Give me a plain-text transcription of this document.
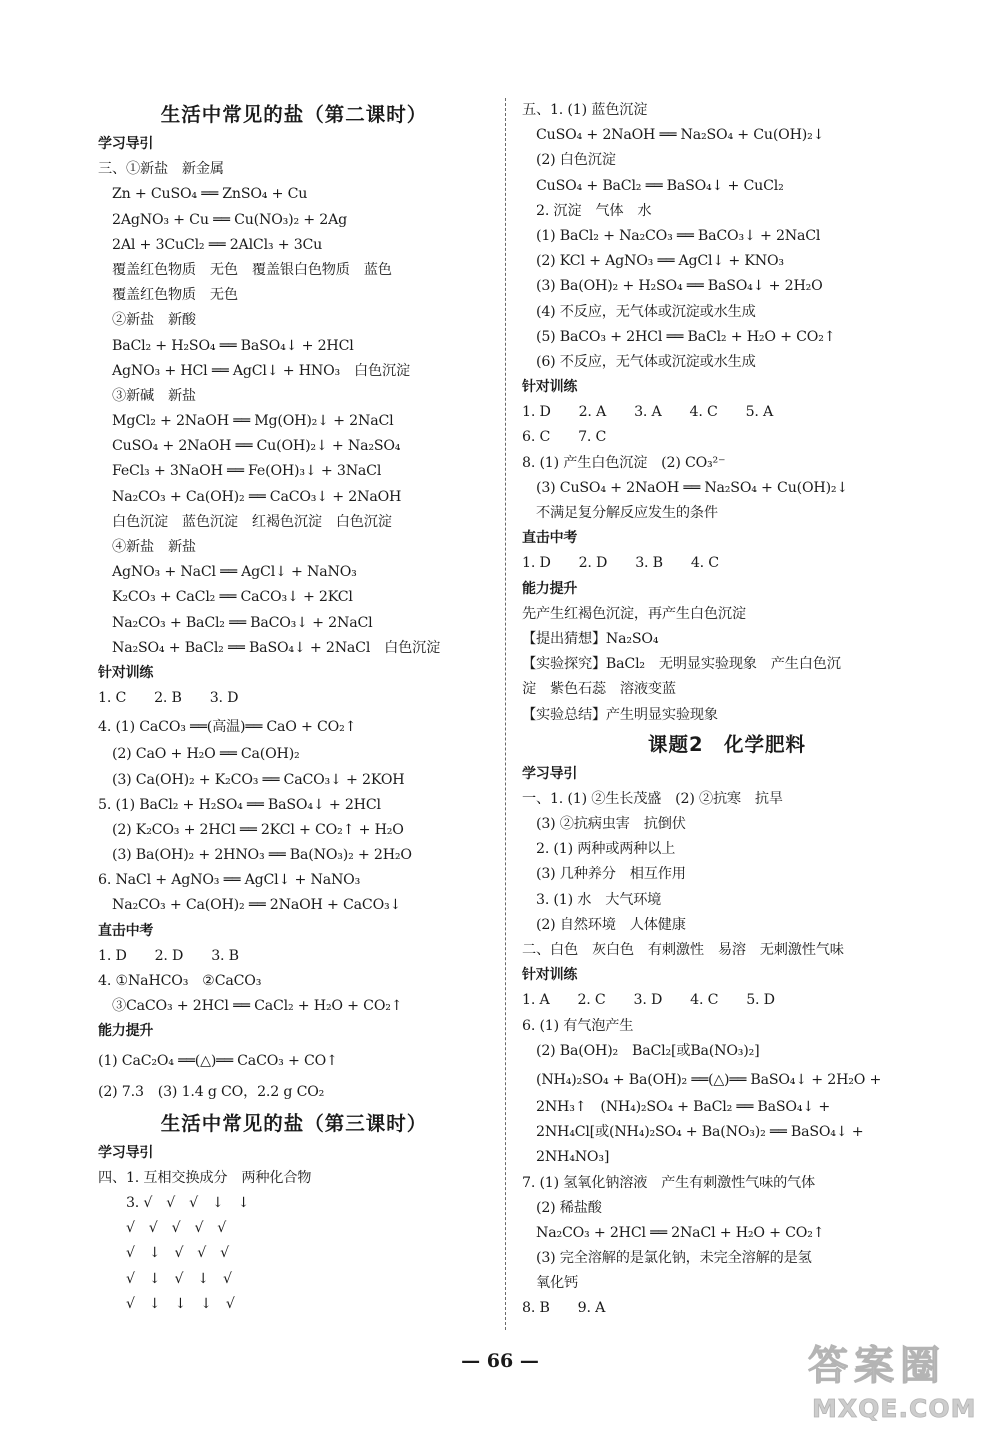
生活中常见的盐（第二课时）
学习导引
三、①新盐　新金属
　Zn + CuSO₄ ══ ZnSO₄ + Cu
　2AgNO₃ + Cu ══ Cu(NO₃)₂ + 2Ag
　2Al + 3CuCl₂ ══ 2AlCl₃ + 3Cu
　覆盖红色物质　无色　覆盖银白色物质　蓝色
　覆盖红色物质　无色
　②新盐　新酸
　BaCl₂ + H₂SO₄ ══ BaSO₄↓ + 2HCl
　AgNO₃ + HCl ══ AgCl↓ + HNO₃　白色沉淀
　③新碱　新盐
　MgCl₂ + 2NaOH ══ Mg(OH)₂↓ + 2NaCl
　CuSO₄ + 2NaOH ══ Cu(OH)₂↓ + Na₂SO₄
　FeCl₃ + 3NaOH ══ Fe(OH)₃↓ + 3NaCl
　Na₂CO₃ + Ca(OH)₂ ══ CaCO₃↓ + 2NaOH
　白色沉淀　蓝色沉淀　红褐色沉淀　白色沉淀
　④新盐　新盐
　AgNO₃ + NaCl ══ AgCl↓ + NaNO₃
　K₂CO₃ + CaCl₂ ══ CaCO₃↓ + 2KCl
　Na₂CO₃ + BaCl₂ ══ BaCO₃↓ + 2NaCl
　Na₂SO₄ + BaCl₂ ══ BaSO₄↓ + 2NaCl　白色沉淀
针对训练
1. C　　2. B　　3. D
4. (1) CaCO₃ ══(高温)══ CaO + CO₂↑
　(2) CaO + H₂O ══ Ca(OH)₂
　(3) Ca(OH)₂ + K₂CO₃ ══ CaCO₃↓ + 2KOH
5. (1) BaCl₂ + H₂SO₄ ══ BaSO₄↓ + 2HCl
　(2) K₂CO₃ + 2HCl ══ 2KCl + CO₂↑ + H₂O
　(3) Ba(OH)₂ + 2HNO₃ ══ Ba(NO₃)₂ + 2H₂O
6. NaCl + AgNO₃ ══ AgCl↓ + NaNO₃
　Na₂CO₃ + Ca(OH)₂ ══ 2NaOH + CaCO₃↓
直击中考
1. D　　2. D　　3. B
4. ①NaHCO₃　②CaCO₃
　③CaCO₃ + 2HCl ══ CaCl₂ + H₂O + CO₂↑
能力提升
(1) CaC₂O₄ ══(△)══ CaCO₃ + CO↑
(2) 7.3　(3) 1.4 g CO，2.2 g CO₂
生活中常见的盐（第三课时）
学习导引
四、1. 互相交换成分　两种化合物
　　3. √　√　√　↓　↓
　　√　√　√　√　√
　　√　↓　√　√　√
　　√　↓　√　↓　√
　　√　↓　↓　↓　√
五、1. (1) 蓝色沉淀
　CuSO₄ + 2NaOH ══ Na₂SO₄ + Cu(OH)₂↓
　(2) 白色沉淀
　CuSO₄ + BaCl₂ ══ BaSO₄↓ + CuCl₂
　2. 沉淀　气体　水
　(1) BaCl₂ + Na₂CO₃ ══ BaCO₃↓ + 2NaCl
　(2) KCl + AgNO₃ ══ AgCl↓ + KNO₃
　(3) Ba(OH)₂ + H₂SO₄ ══ BaSO₄↓ + 2H₂O
　(4) 不反应，无气体或沉淀或水生成
　(5) BaCO₃ + 2HCl ══ BaCl₂ + H₂O + CO₂↑
　(6) 不反应，无气体或沉淀或水生成
针对训练
1. D　　2. A　　3. A　　4. C　　5. A
6. C　　7. C
8. (1) 产生白色沉淀　(2) CO₃²⁻
　(3) CuSO₄ + 2NaOH ══ Na₂SO₄ + Cu(OH)₂↓
　不满足复分解反应发生的条件
直击中考
1. D　　2. D　　3. B　　4. C
能力提升
先产生红褐色沉淀，再产生白色沉淀
【提出猜想】Na₂SO₄
【实验探究】BaCl₂　无明显实验现象　产生白色沉
淀　紫色石蕊　溶液变蓝
【实验总结】产生明显实验现象
课题2　化学肥料
学习导引
一、1. (1) ②生长茂盛　(2) ②抗寒　抗旱
　(3) ②抗病虫害　抗倒伏
　2. (1) 两种或两种以上
　(3) 几种养分　相互作用
　3. (1) 水　大气环境
　(2) 自然环境　人体健康
二、白色　灰白色　有刺激性　易溶　无刺激性气味
针对训练
1. A　　2. C　　3. D　　4. C　　5. D
6. (1) 有气泡产生
　(2) Ba(OH)₂　BaCl₂[或Ba(NO₃)₂]
　(NH₄)₂SO₄ + Ba(OH)₂ ══(△)══ BaSO₄↓ + 2H₂O +
　2NH₃↑　(NH₄)₂SO₄ + BaCl₂ ══ BaSO₄↓ +
　2NH₄Cl[或(NH₄)₂SO₄ + Ba(NO₃)₂ ══ BaSO₄↓ +
　2NH₄NO₃]
7. (1) 氢氧化钠溶液　产生有刺激性气味的气体
　(2) 稀盐酸
　Na₂CO₃ + 2HCl ══ 2NaCl + H₂O + CO₂↑
　(3) 完全溶解的是氯化钠，未完全溶解的是氢
　氧化钙
8. B　　9. A
— 66 —	答案圈
MXQE.COM
